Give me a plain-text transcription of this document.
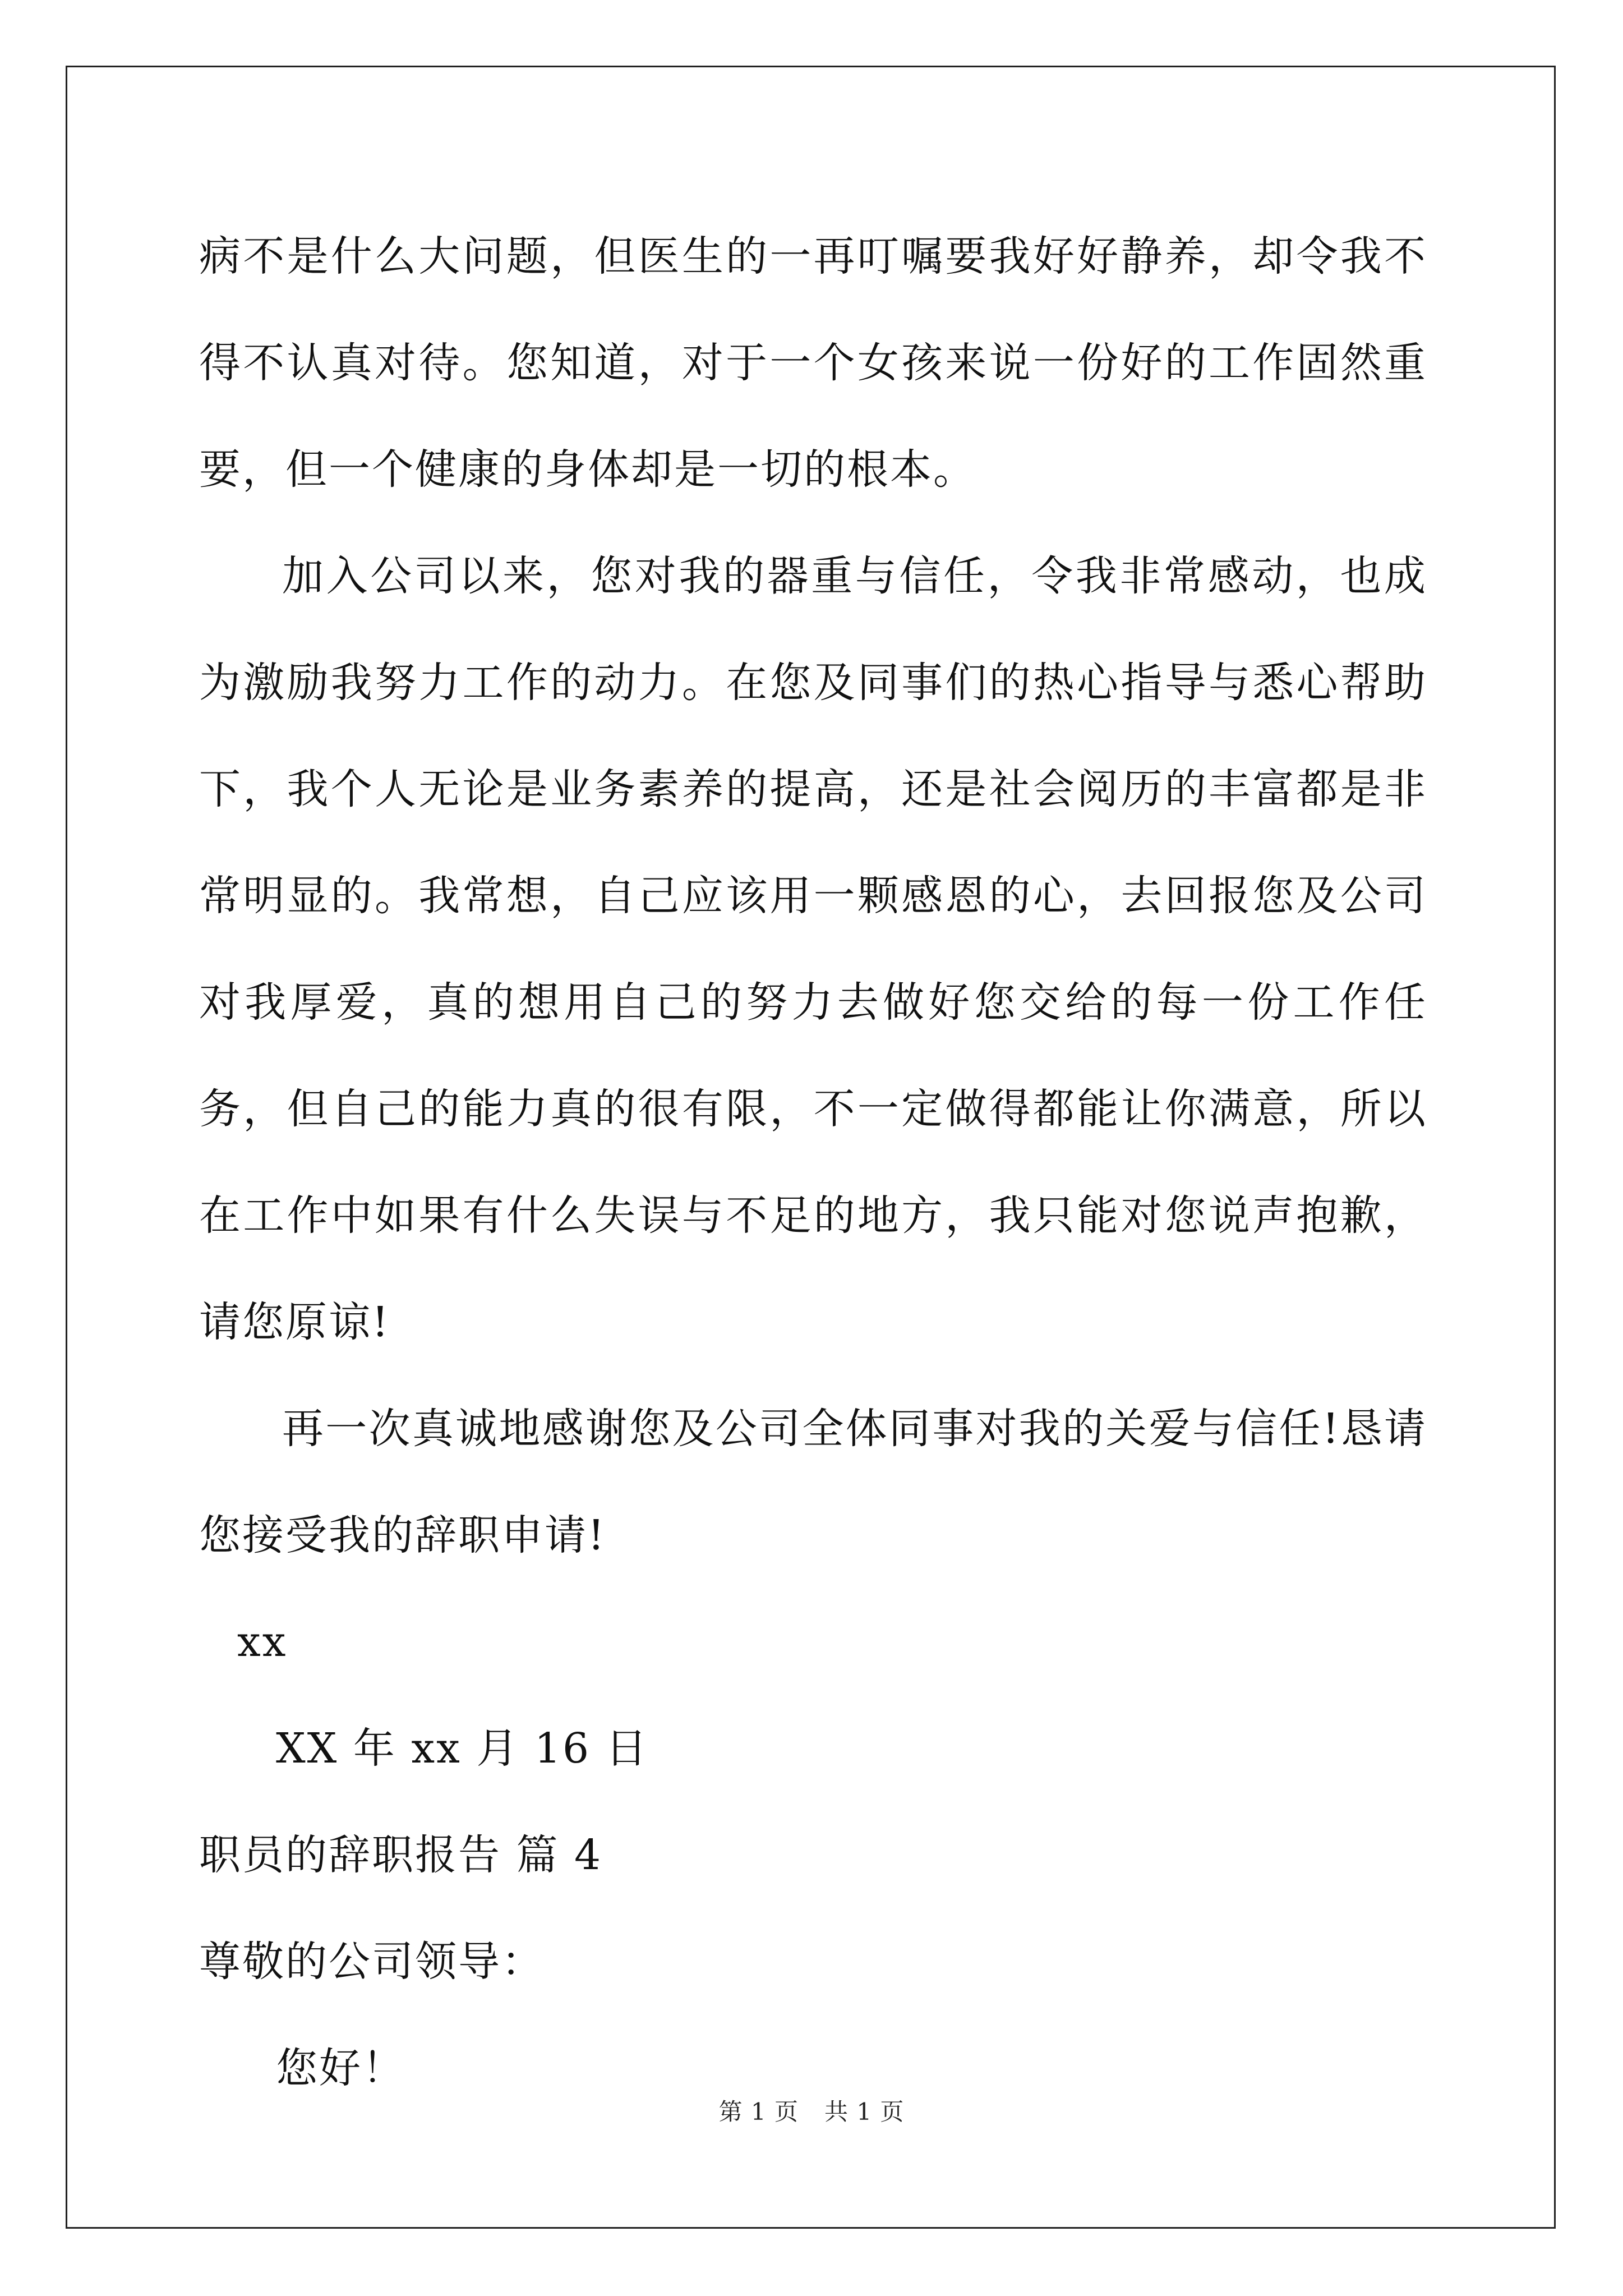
病不是什么大问题，但医生的一再叮嘱要我好好静养，却令我不得不认真对待。您知道，对于一个女孩来说一份好的工作固然重要，但一个健康的身体却是一切的根本。

加入公司以来，您对我的器重与信任，令我非常感动，也成为激励我努力工作的动力。在您及同事们的热心指导与悉心帮助下，我个人无论是业务素养的提高，还是社会阅历的丰富都是非常明显的。我常想，自己应该用一颗感恩的心，去回报您及公司对我厚爱，真的想用自己的努力去做好您交给的每一份工作任务，但自己的能力真的很有限，不一定做得都能让你满意，所以在工作中如果有什么失误与不足的地方，我只能对您说声抱歉，请您原谅!

再一次真诚地感谢您及公司全体同事对我的关爱与信任!恳请您接受我的辞职申请!

xx

XX 年 xx 月 16 日

职员的辞职报告 篇 4

尊敬的公司领导：

您好！

第 1 页 共 1 页
